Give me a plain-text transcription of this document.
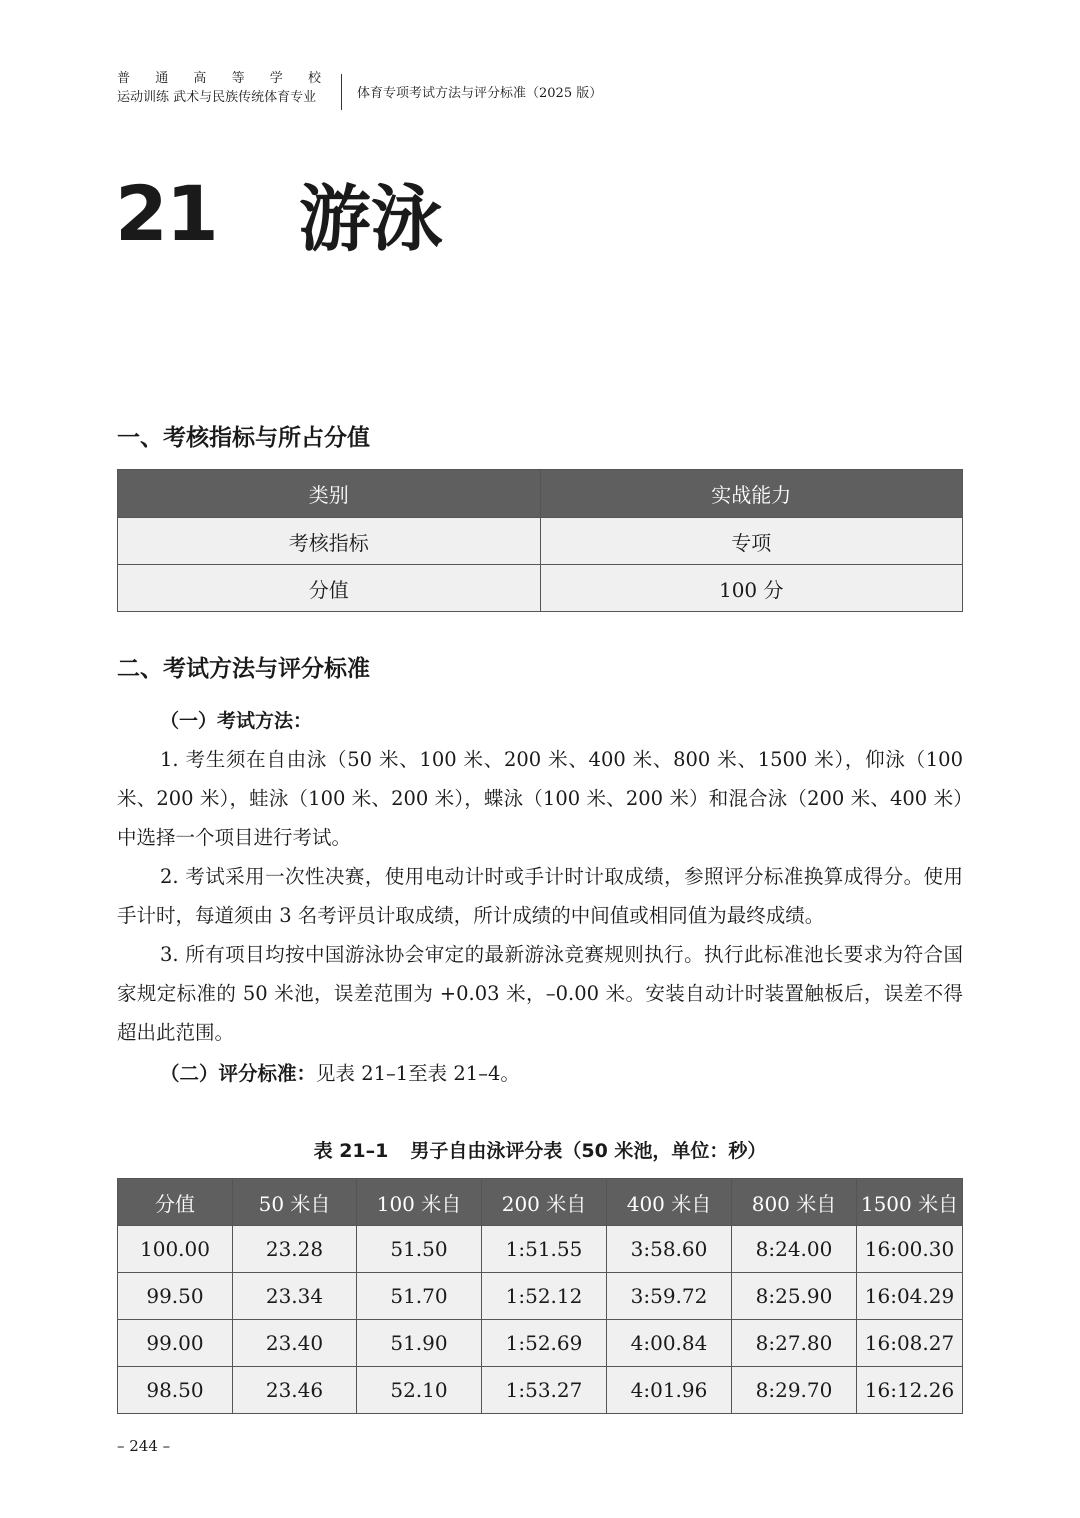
普 通 高 等 学 校
运动训练 武术与民族传统体育专业	体育专项考试方法与评分标准（2025 版）
21 游泳
一、考核指标与所占分值
类别	实战能力
考核指标	专项
分值	100 分
二、考试方法与评分标准
（一）考试方法：
1. 考生须在自由泳（50 米、100 米、200 米、400 米、800 米、1500 米），仰泳（100 米、200 米），蛙泳（100 米、200 米），蝶泳（100 米、200 米）和混合泳（200 米、400 米）中选择一个项目进行考试。
2. 考试采用一次性决赛，使用电动计时或手计时计取成绩，参照评分标准换算成得分。使用手计时，每道须由 3 名考评员计取成绩，所计成绩的中间值或相同值为最终成绩。
3. 所有项目均按中国游泳协会审定的最新游泳竞赛规则执行。执行此标准池长要求为符合国家规定标准的 50 米池，误差范围为 +0.03 米，–0.00 米。安装自动计时装置触板后，误差不得超出此范围。
（二）评分标准：见表 21–1至表 21–4。
表 21–1 男子自由泳评分表（50 米池，单位：秒）
分值	50 米自	100 米自	200 米自	400 米自	800 米自	1500 米自
100.00	23.28	51.50	1:51.55	3:58.60	8:24.00	16:00.30
99.50	23.34	51.70	1:52.12	3:59.72	8:25.90	16:04.29
99.00	23.40	51.90	1:52.69	4:00.84	8:27.80	16:08.27
98.50	23.46	52.10	1:53.27	4:01.96	8:29.70	16:12.26
– 244 –
